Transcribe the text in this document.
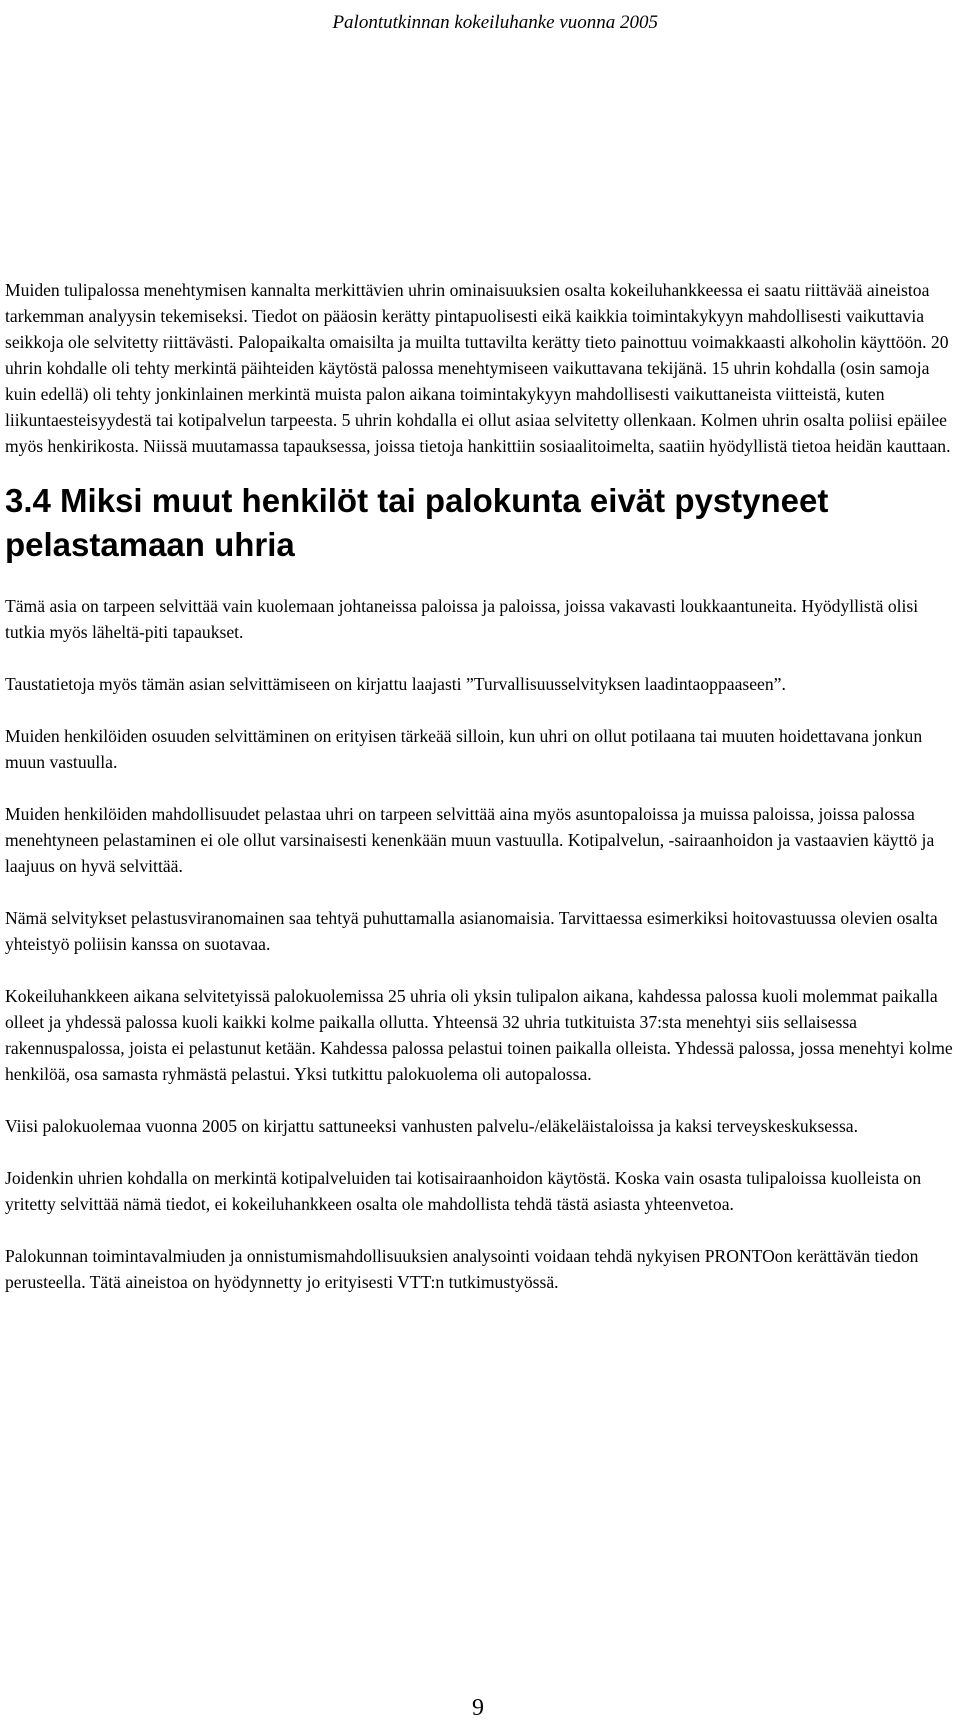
Palontutkinnan kokeiluhanke vuonna 2005

Muiden tulipalossa menehtymisen kannalta merkittävien uhrin ominaisuuksien osalta kokeiluhankkeessa ei saatu riittävää aineistoa tarkemman analyysin tekemiseksi. Tiedot on pääosin kerätty pintapuolisesti eikä kaikkia toimintakykyyn mahdollisesti vaikuttavia seikkoja ole selvitetty riittävästi. Palopaikalta omaisilta ja muilta tuttavilta kerätty tieto painottuu voimakkaasti alkoholin käyttöön. 20 uhrin kohdalle oli tehty merkintä päihteiden käytöstä palossa menehtymiseen vaikuttavana tekijänä. 15 uhrin kohdalla (osin samoja kuin edellä) oli tehty jonkinlainen merkintä muista palon aikana toimintakykyyn mahdollisesti vaikuttaneista viitteistä, kuten liikuntaesteisyydestä tai kotipalvelun tarpeesta. 5 uhrin kohdalla ei ollut asiaa selvitetty ollenkaan. Kolmen uhrin osalta poliisi epäilee myös henkirikosta. Niissä muutamassa tapauksessa, joissa tietoja hankittiin sosiaalitoimelta, saatiin hyödyllistä tietoa heidän kauttaan.

3.4 Miksi muut henkilöt tai palokunta eivät pystyneet pelastamaan uhria

Tämä asia on tarpeen selvittää vain kuolemaan johtaneissa paloissa ja paloissa, joissa vakavasti loukkaantuneita. Hyödyllistä olisi tutkia myös läheltä-piti tapaukset.

Taustatietoja myös tämän asian selvittämiseen on kirjattu laajasti ”Turvallisuusselvityksen laadintaoppaaseen”.

Muiden henkilöiden osuuden selvittäminen on erityisen tärkeää silloin, kun uhri on ollut potilaana tai muuten hoidettavana jonkun muun vastuulla.

Muiden henkilöiden mahdollisuudet pelastaa uhri on tarpeen selvittää aina myös asuntopaloissa ja muissa paloissa, joissa palossa menehtyneen pelastaminen ei ole ollut varsinaisesti kenenkään muun vastuulla. Kotipalvelun, -sairaanhoidon ja vastaavien käyttö ja laajuus on hyvä selvittää.

Nämä selvitykset pelastusviranomainen saa tehtyä puhuttamalla asianomaisia. Tarvittaessa esimerkiksi hoitovastuussa olevien osalta yhteistyö poliisin kanssa on suotavaa.

Kokeiluhankkeen aikana selvitetyissä palokuolemissa 25 uhria oli yksin tulipalon aikana, kahdessa palossa kuoli molemmat paikalla olleet ja yhdessä palossa kuoli kaikki kolme paikalla ollutta. Yhteensä 32 uhria tutkituista 37:sta menehtyi siis sellaisessa rakennuspalossa, joista ei pelastunut ketään. Kahdessa palossa pelastui toinen paikalla olleista. Yhdessä palossa, jossa menehtyi kolme henkilöä, osa samasta ryhmästä pelastui. Yksi tutkittu palokuolema oli autopalossa.

Viisi palokuolemaa vuonna 2005 on kirjattu sattuneeksi vanhusten palvelu-/eläkeläistaloissa ja kaksi terveyskeskuksessa.

Joidenkin uhrien kohdalla on merkintä kotipalveluiden tai kotisairaanhoidon käytöstä. Koska vain osasta tulipaloissa kuolleista on yritetty selvittää nämä tiedot, ei kokeiluhankkeen osalta ole mahdollista tehdä tästä asiasta yhteenvetoa.

Palokunnan toimintavalmiuden ja onnistumismahdollisuuksien analysointi voidaan tehdä nykyisen PRONTOon kerättävän tiedon perusteella. Tätä aineistoa on hyödynnetty jo erityisesti VTT:n tutkimustyössä.

9
